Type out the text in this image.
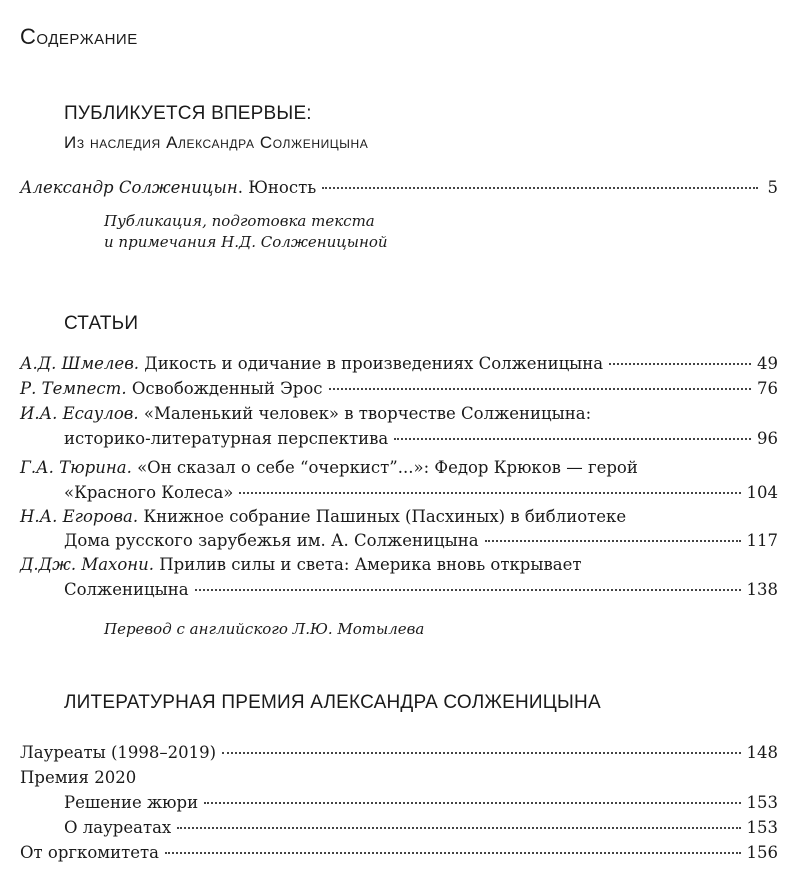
Содержание
ПУБЛИКУЕТСЯ ВПЕРВЫЕ:
Из наследия Александра Солженицына
Александр Солженицын. Юность	5
Публикация, подготовка текста
и примечания Н.Д. Солженицыной
СТАТЬИ
А.Д. Шмелев. Дикость и одичание в произведениях Солженицына	49
Р. Темпест. Освобожденный Эрос	76
И.А. Есаулов. «Маленький человек» в творчестве Солженицына:
историко-литературная перспектива	96
Г.А. Тюрина. «Он сказал о себе “очеркист”...»: Федор Крюков — герой
«Красного Колеса»	104
Н.А. Егорова. Книжное собрание Пашиных (Пасхиных) в библиотеке
Дома русского зарубежья им. А. Солженицына	117
Д.Дж. Махони. Прилив силы и света: Америка вновь открывает
Солженицына	138
Перевод с английского Л.Ю. Мотылева
ЛИТЕРАТУРНАЯ ПРЕМИЯ АЛЕКСАНДРА СОЛЖЕНИЦЫНА
Лауреаты (1998–2019)	148
Премия 2020
Решение жюри	153
О лауреатах	153
От оргкомитета	156
